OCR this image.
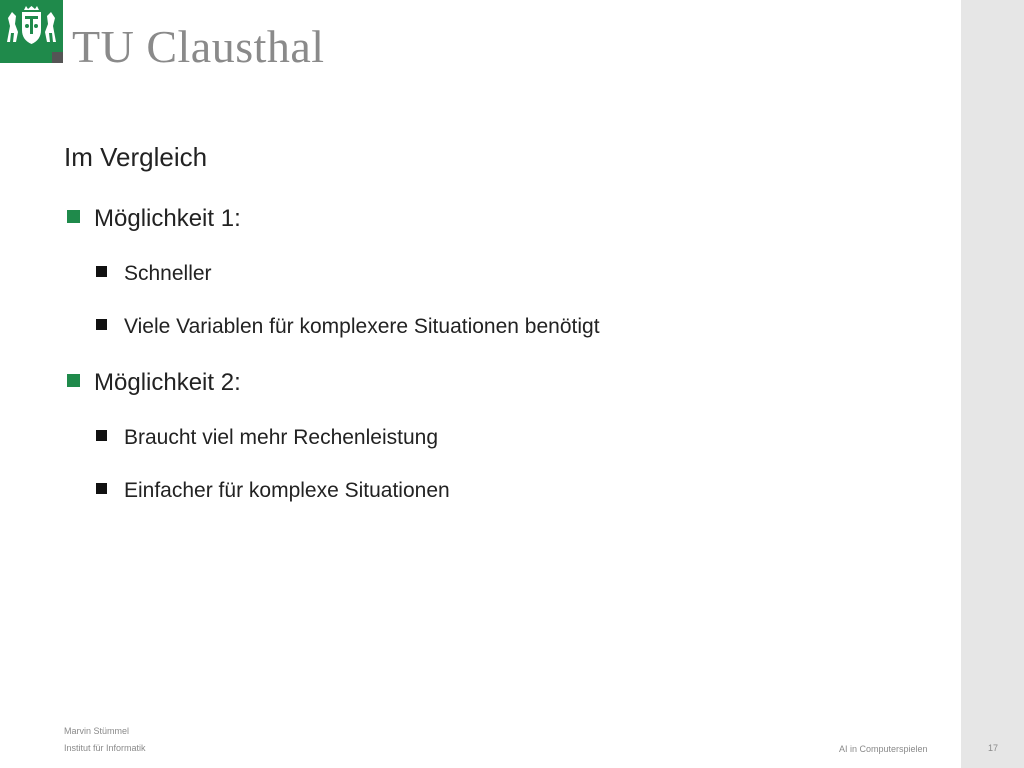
TU Clausthal
Im Vergleich
Möglichkeit 1:
Schneller
Viele Variablen für komplexere Situationen benötigt
Möglichkeit 2:
Braucht viel mehr Rechenleistung
Einfacher für komplexe Situationen
Marvin Stümmel
Institut für Informatik	AI in Computerspielen	17
